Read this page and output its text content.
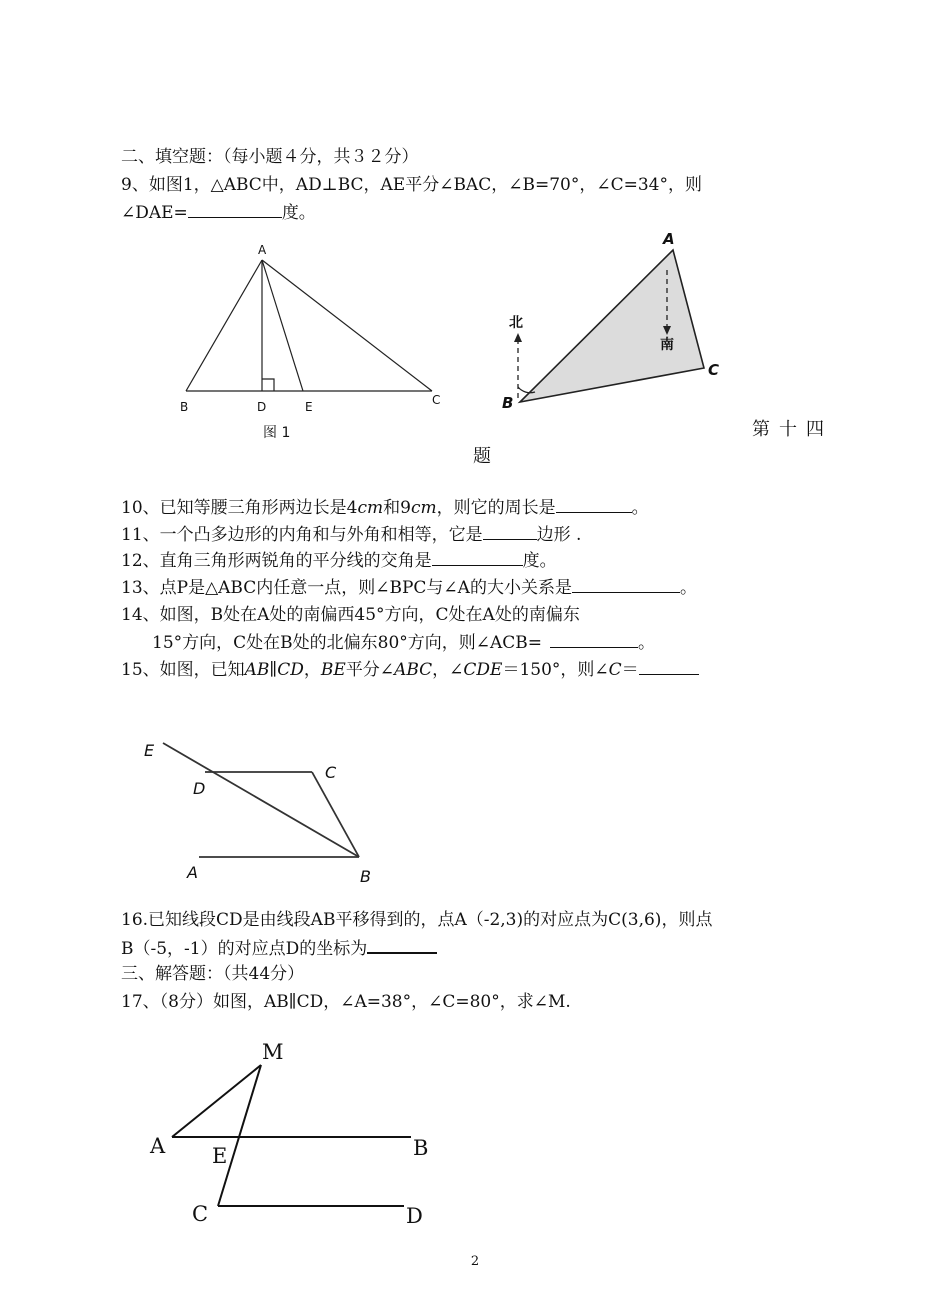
二、填空题：（每小题４分，共３２分）
9、如图1，△ABC中，AD⊥BC，AE平分∠BAC，∠B=70°，∠C=34°，则
∠DAE=	度。
A
B	C
D	E
图 1
A
B
C
北
南
第十四
题
10、已知等腰三角形两边长是4cm和9cm，则它的周长是	。
11、一个凸多边形的内角和与外角和相等，它是	边形 .
12、直角三角形两锐角的平分线的交角是	度。
13、点P是△ABC内任意一点，则∠BPC与∠A的大小关系是	。
14、如图，B处在A处的南偏西45°方向，C处在A处的南偏东
15°方向，C处在B处的北偏东80°方向，则∠ACB=	。
15、如图，已知AB∥CD，BE平分∠ABC，∠CDE＝150°，则∠C＝
E
D
C
A	B
16.已知线段CD是由线段AB平移得到的，点A（-2,3)的对应点为C(3,6)，则点
B（-5，-1）的对应点D的坐标为
三、解答题：（共44分）
17、（8分）如图，AB∥CD，∠A=38°，∠C=80°，求∠M.
M
A E	B
C	D
2
